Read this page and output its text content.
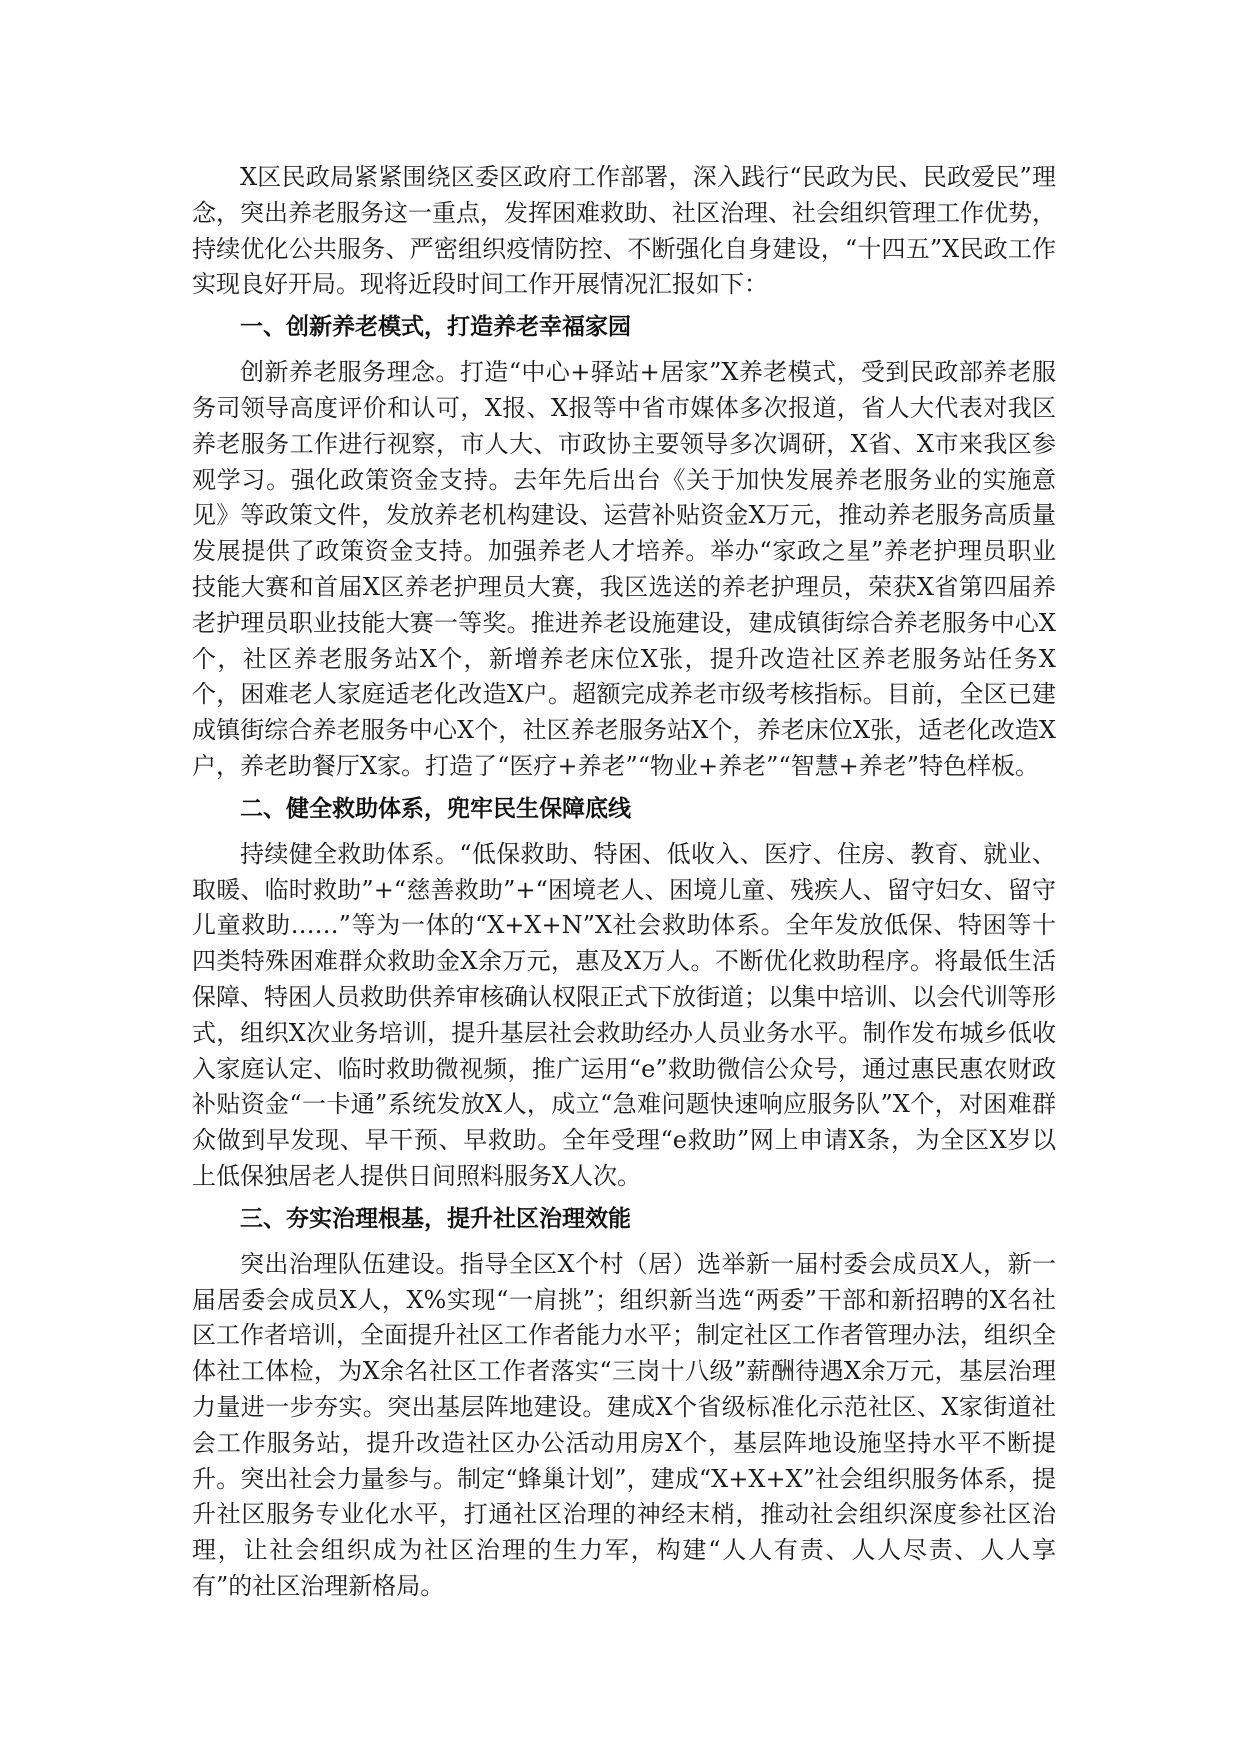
X区民政局紧紧围绕区委区政府工作部署，深入践行“民政为民、民政爱民”理念，突出养老服务这一重点，发挥困难救助、社区治理、社会组织管理工作优势，持续优化公共服务、严密组织疫情防控、不断强化自身建设，“十四五”X民政工作实现良好开局。现将近段时间工作开展情况汇报如下：

一、创新养老模式，打造养老幸福家园

创新养老服务理念。打造“中心+驿站+居家”X养老模式，受到民政部养老服务司领导高度评价和认可，X报、X报等中省市媒体多次报道，省人大代表对我区养老服务工作进行视察，市人大、市政协主要领导多次调研，X省、X市来我区参观学习。强化政策资金支持。去年先后出台《关于加快发展养老服务业的实施意见》等政策文件，发放养老机构建设、运营补贴资金X万元，推动养老服务高质量发展提供了政策资金支持。加强养老人才培养。举办“家政之星”养老护理员职业技能大赛和首届X区养老护理员大赛，我区选送的养老护理员，荣获X省第四届养老护理员职业技能大赛一等奖。推进养老设施建设，建成镇街综合养老服务中心X个，社区养老服务站X个，新增养老床位X张，提升改造社区养老服务站任务X个，困难老人家庭适老化改造X户。超额完成养老市级考核指标。目前，全区已建成镇街综合养老服务中心X个，社区养老服务站X个，养老床位X张，适老化改造X户，养老助餐厅X家。打造了“医疗+养老”“物业+养老”“智慧+养老”特色样板。

二、健全救助体系，兜牢民生保障底线

持续健全救助体系。“低保救助、特困、低收入、医疗、住房、教育、就业、取暖、临时救助”+“慈善救助”+“困境老人、困境儿童、残疾人、留守妇女、留守儿童救助……”等为一体的“X+X+N”X社会救助体系。全年发放低保、特困等十四类特殊困难群众救助金X余万元，惠及X万人。不断优化救助程序。将最低生活保障、特困人员救助供养审核确认权限正式下放街道；以集中培训、以会代训等形式，组织X次业务培训，提升基层社会救助经办人员业务水平。制作发布城乡低收入家庭认定、临时救助微视频，推广运用“e”救助微信公众号，通过惠民惠农财政补贴资金“一卡通”系统发放X人，成立“急难问题快速响应服务队”X个，对困难群众做到早发现、早干预、早救助。全年受理“e救助”网上申请X条，为全区X岁以上低保独居老人提供日间照料服务X人次。

三、夯实治理根基，提升社区治理效能

突出治理队伍建设。指导全区X个村（居）选举新一届村委会成员X人，新一届居委会成员X人，X%实现“一肩挑”；组织新当选“两委”干部和新招聘的X名社区工作者培训，全面提升社区工作者能力水平；制定社区工作者管理办法，组织全体社工体检，为X余名社区工作者落实“三岗十八级”薪酬待遇X余万元，基层治理力量进一步夯实。突出基层阵地建设。建成X个省级标准化示范社区、X家街道社会工作服务站，提升改造社区办公活动用房X个，基层阵地设施坚持水平不断提升。突出社会力量参与。制定“蜂巢计划”，建成“X+X+X”社会组织服务体系，提升社区服务专业化水平，打通社区治理的神经末梢，推动社会组织深度参社区治理，让社会组织成为社区治理的生力军，构建“人人有责、人人尽责、人人享有”的社区治理新格局。
